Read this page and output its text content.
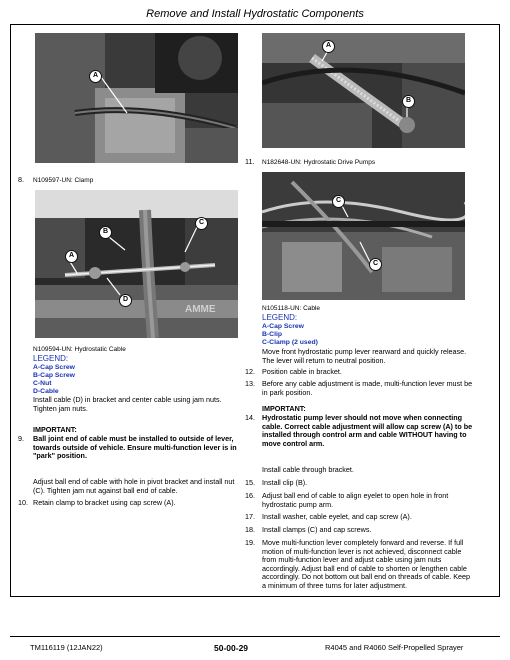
Remove and Install Hydrostatic Components
A
8. N109597-UN: Clamp
AMME
B
C
A
D
N109594-UN: Hydrostatic Cable
LEGEND:
A-Cap Screw
B-Cap Screw
C-Nut
D-Cable
Install cable (D) in bracket and center cable using jam nuts. Tighten jam nuts.
IMPORTANT:
9. Ball joint end of cable must be installed to outside of lever, towards outside of vehicle. Ensure multi-function lever is in "park" position.
Adjust ball end of cable with hole in pivot bracket and install nut (C). Tighten jam nut against ball end of cable.
10. Retain clamp to bracket using cap screw (A).
A
B
11. N182648-UN: Hydrostatic Drive Pumps
C
C
N105118-UN: Cable
LEGEND:
A-Cap Screw
B-Clip
C-Clamp (2 used)
Move front hydrostatic pump lever rearward and quickly release. The lever will return to neutral position.
12. Position cable in bracket.
13. Before any cable adjustment is made, multi-function lever must be in park position.
IMPORTANT:
14. Hydrostatic pump lever should not move when connecting cable. Correct cable adjustment will allow cap screw (A) to be installed through control arm and cable WITHOUT having to move control arm.
Install cable through bracket.
15. Install clip (B).
16. Adjust ball end of cable to align eyelet to open hole in front hydrostatic pump arm.
17. Install washer, cable eyelet, and cap screw (A).
18. Install clamps (C) and cap screws.
19. Move multi-function lever completely forward and reverse. If full motion of multi-function lever is not achieved, disconnect cable from multi-function lever and adjust cable using jam nuts accordingly. Adjust ball end of cable to shorten or lengthen cable accordingly. Do not bottom out ball end on threads of cable. Keep a minimum of three turns for later adjustment.
TM116119 (12JAN22)	50-00-29	R4045 and R4060 Self-Propelled Sprayer
